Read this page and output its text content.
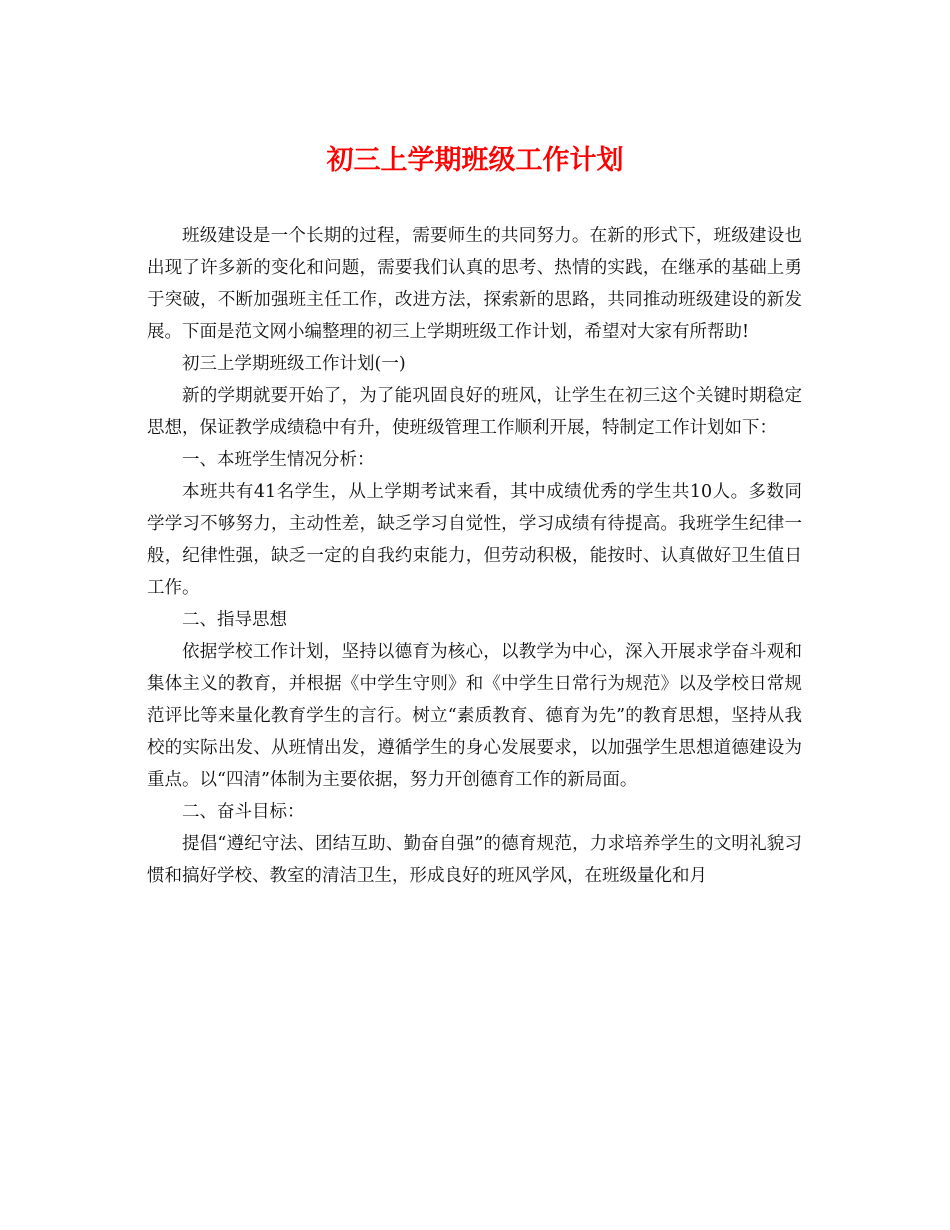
初三上学期班级工作计划

班级建设是一个长期的过程，需要师生的共同努力。在新的形式下，班级建设也出现了许多新的变化和问题，需要我们认真的思考、热情的实践，在继承的基础上勇于突破，不断加强班主任工作，改进方法，探索新的思路，共同推动班级建设的新发展。下面是范文网小编整理的初三上学期班级工作计划，希望对大家有所帮助!

初三上学期班级工作计划(一)

新的学期就要开始了，为了能巩固良好的班风，让学生在初三这个关键时期稳定思想，保证教学成绩稳中有升，使班级管理工作顺利开展，特制定工作计划如下：

一、本班学生情况分析：

本班共有41名学生，从上学期考试来看，其中成绩优秀的学生共10人。多数同学学习不够努力，主动性差，缺乏学习自觉性，学习成绩有待提高。我班学生纪律一般，纪律性强，缺乏一定的自我约束能力，但劳动积极，能按时、认真做好卫生值日工作。

二、指导思想

依据学校工作计划，坚持以德育为核心，以教学为中心，深入开展求学奋斗观和集体主义的教育，并根据《中学生守则》和《中学生日常行为规范》以及学校日常规范评比等来量化教育学生的言行。树立“素质教育、德育为先”的教育思想，坚持从我校的实际出发、从班情出发，遵循学生的身心发展要求，以加强学生思想道德建设为重点。以“四清”体制为主要依据，努力开创德育工作的新局面。

二、奋斗目标：

提倡“遵纪守法、团结互助、勤奋自强”的德育规范，力求培养学生的文明礼貌习惯和搞好学校、教室的清洁卫生，形成良好的班风学风，在班级量化和月
